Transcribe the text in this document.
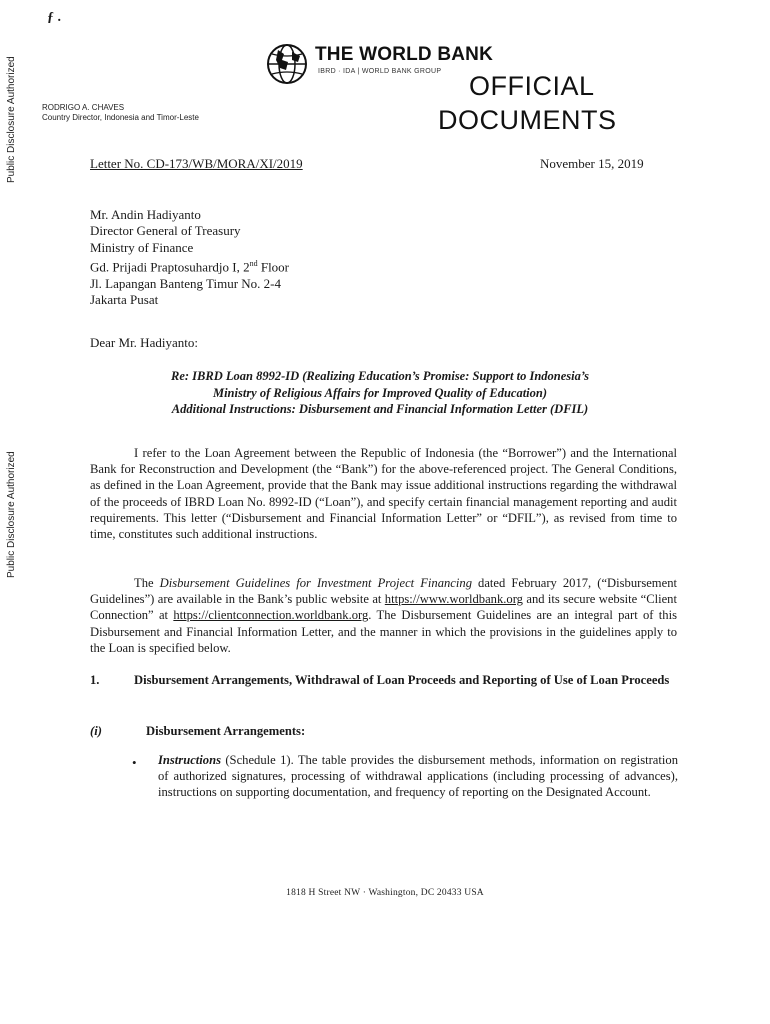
Public Disclosure Authorized
Public Disclosure Authorized
ƒ .
THE WORLD BANK
IBRD · IDA | WORLD BANK GROUP OFFICIAL
DOCUMENTS
RODRIGO A. CHAVES
Country Director, Indonesia and Timor-Leste
Letter No. CD-173/WB/MORA/XI/2019	November 15, 2019
Mr. Andin Hadiyanto
Director General of Treasury
Ministry of Finance
Gd. Prijadi Praptosuhardjo I, 2nd Floor
Jl. Lapangan Banteng Timur No. 2-4
Jakarta Pusat
Dear Mr. Hadiyanto:
Re: IBRD Loan 8992-ID (Realizing Education’s Promise: Support to Indonesia’s
Ministry of Religious Affairs for Improved Quality of Education)
Additional Instructions: Disbursement and Financial Information Letter (DFIL)
I refer to the Loan Agreement between the Republic of Indonesia (the “Borrower”) and the International Bank for Reconstruction and Development (the “Bank”) for the above-referenced project. The General Conditions, as defined in the Loan Agreement, provide that the Bank may issue additional instructions regarding the withdrawal of the proceeds of IBRD Loan No. 8992-ID (“Loan”), and specify certain financial management reporting and audit requirements. This letter (“Disbursement and Financial Information Letter” or “DFIL”), as revised from time to time, constitutes such additional instructions.
The Disbursement Guidelines for Investment Project Financing dated February 2017, (“Disbursement Guidelines”) are available in the Bank’s public website at https://www.worldbank.org and its secure website “Client Connection” at https://clientconnection.worldbank.org. The Disbursement Guidelines are an integral part of this Disbursement and Financial Information Letter, and the manner in which the provisions in the guidelines apply to the Loan is specified below.
1.	Disbursement Arrangements, Withdrawal of Loan Proceeds and Reporting of Use of Loan Proceeds
(i)	Disbursement Arrangements:
• Instructions (Schedule 1). The table provides the disbursement methods, information on registration of authorized signatures, processing of withdrawal applications (including processing of advances), instructions on supporting documentation, and frequency of reporting on the Designated Account.
1818 H Street NW · Washington, DC 20433 USA
